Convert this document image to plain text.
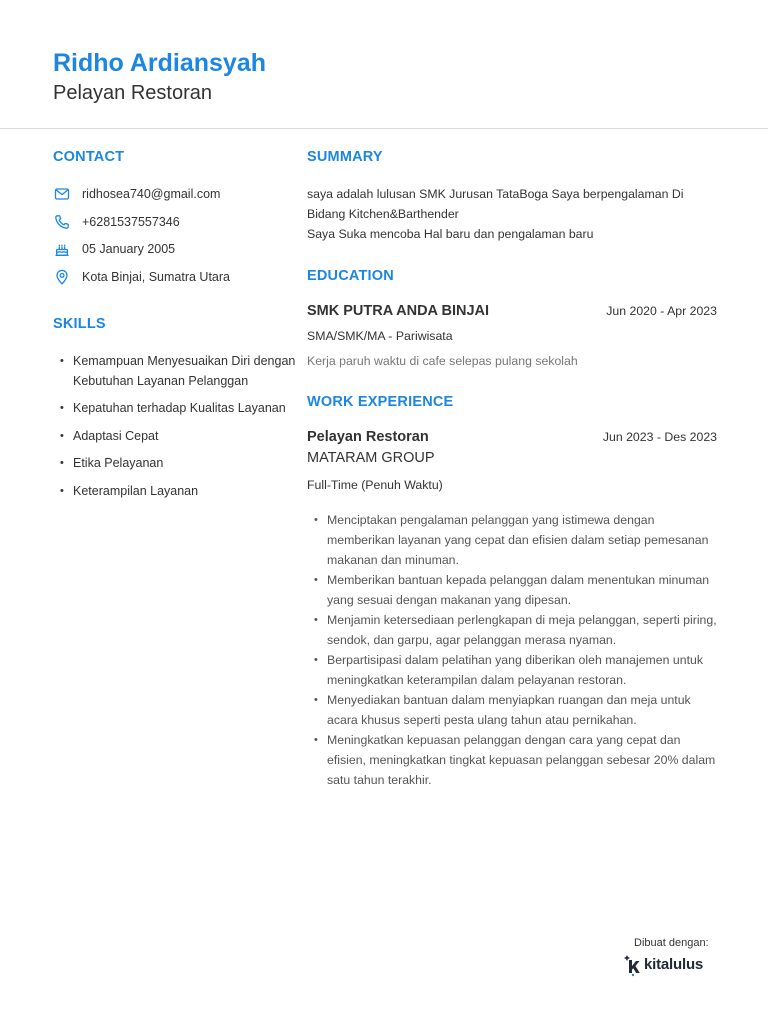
Ridho Ardiansyah
Pelayan Restoran
CONTACT
ridhosea740@gmail.com
+6281537557346
05 January 2005
Kota Binjai, Sumatra Utara
SKILLS
• Kemampuan Menyesuaikan Diri dengan Kebutuhan Layanan Pelanggan
• Kepatuhan terhadap Kualitas Layanan
• Adaptasi Cepat
• Etika Pelayanan
• Keterampilan Layanan
SUMMARY

saya adalah lulusan SMK Jurusan TataBoga Saya berpengalaman Di

Bidang Kitchen&Barthender

Saya Suka mencoba Hal baru dan pengalaman baru

EDUCATION
SMK PUTRA ANDA BINJAI	Jun 2020 - Apr 2023
SMA/SMK/MA - Pariwisata
Kerja paruh waktu di cafe selepas pulang sekolah
WORK EXPERIENCE
Pelayan Restoran	Jun 2023 - Des 2023
MATARAM GROUP
Full-Time (Penuh Waktu)
• Menciptakan pengalaman pelanggan yang istimewa dengan memberikan layanan yang cepat dan efisien dalam setiap pemesanan makanan dan minuman.
• Memberikan bantuan kepada pelanggan dalam menentukan minuman yang sesuai dengan makanan yang dipesan.
• Menjamin ketersediaan perlengkapan di meja pelanggan, seperti piring, sendok, dan garpu, agar pelanggan merasa nyaman.
• Berpartisipasi dalam pelatihan yang diberikan oleh manajemen untuk meningkatkan keterampilan dalam pelayanan restoran.
• Menyediakan bantuan dalam menyiapkan ruangan dan meja untuk acara khusus seperti pesta ulang tahun atau pernikahan.
• Meningkatkan kepuasan pelanggan dengan cara yang cepat dan efisien, meningkatkan tingkat kepuasan pelanggan sebesar 20% dalam satu tahun terakhir.
Dibuat dengan:
kitalulus
